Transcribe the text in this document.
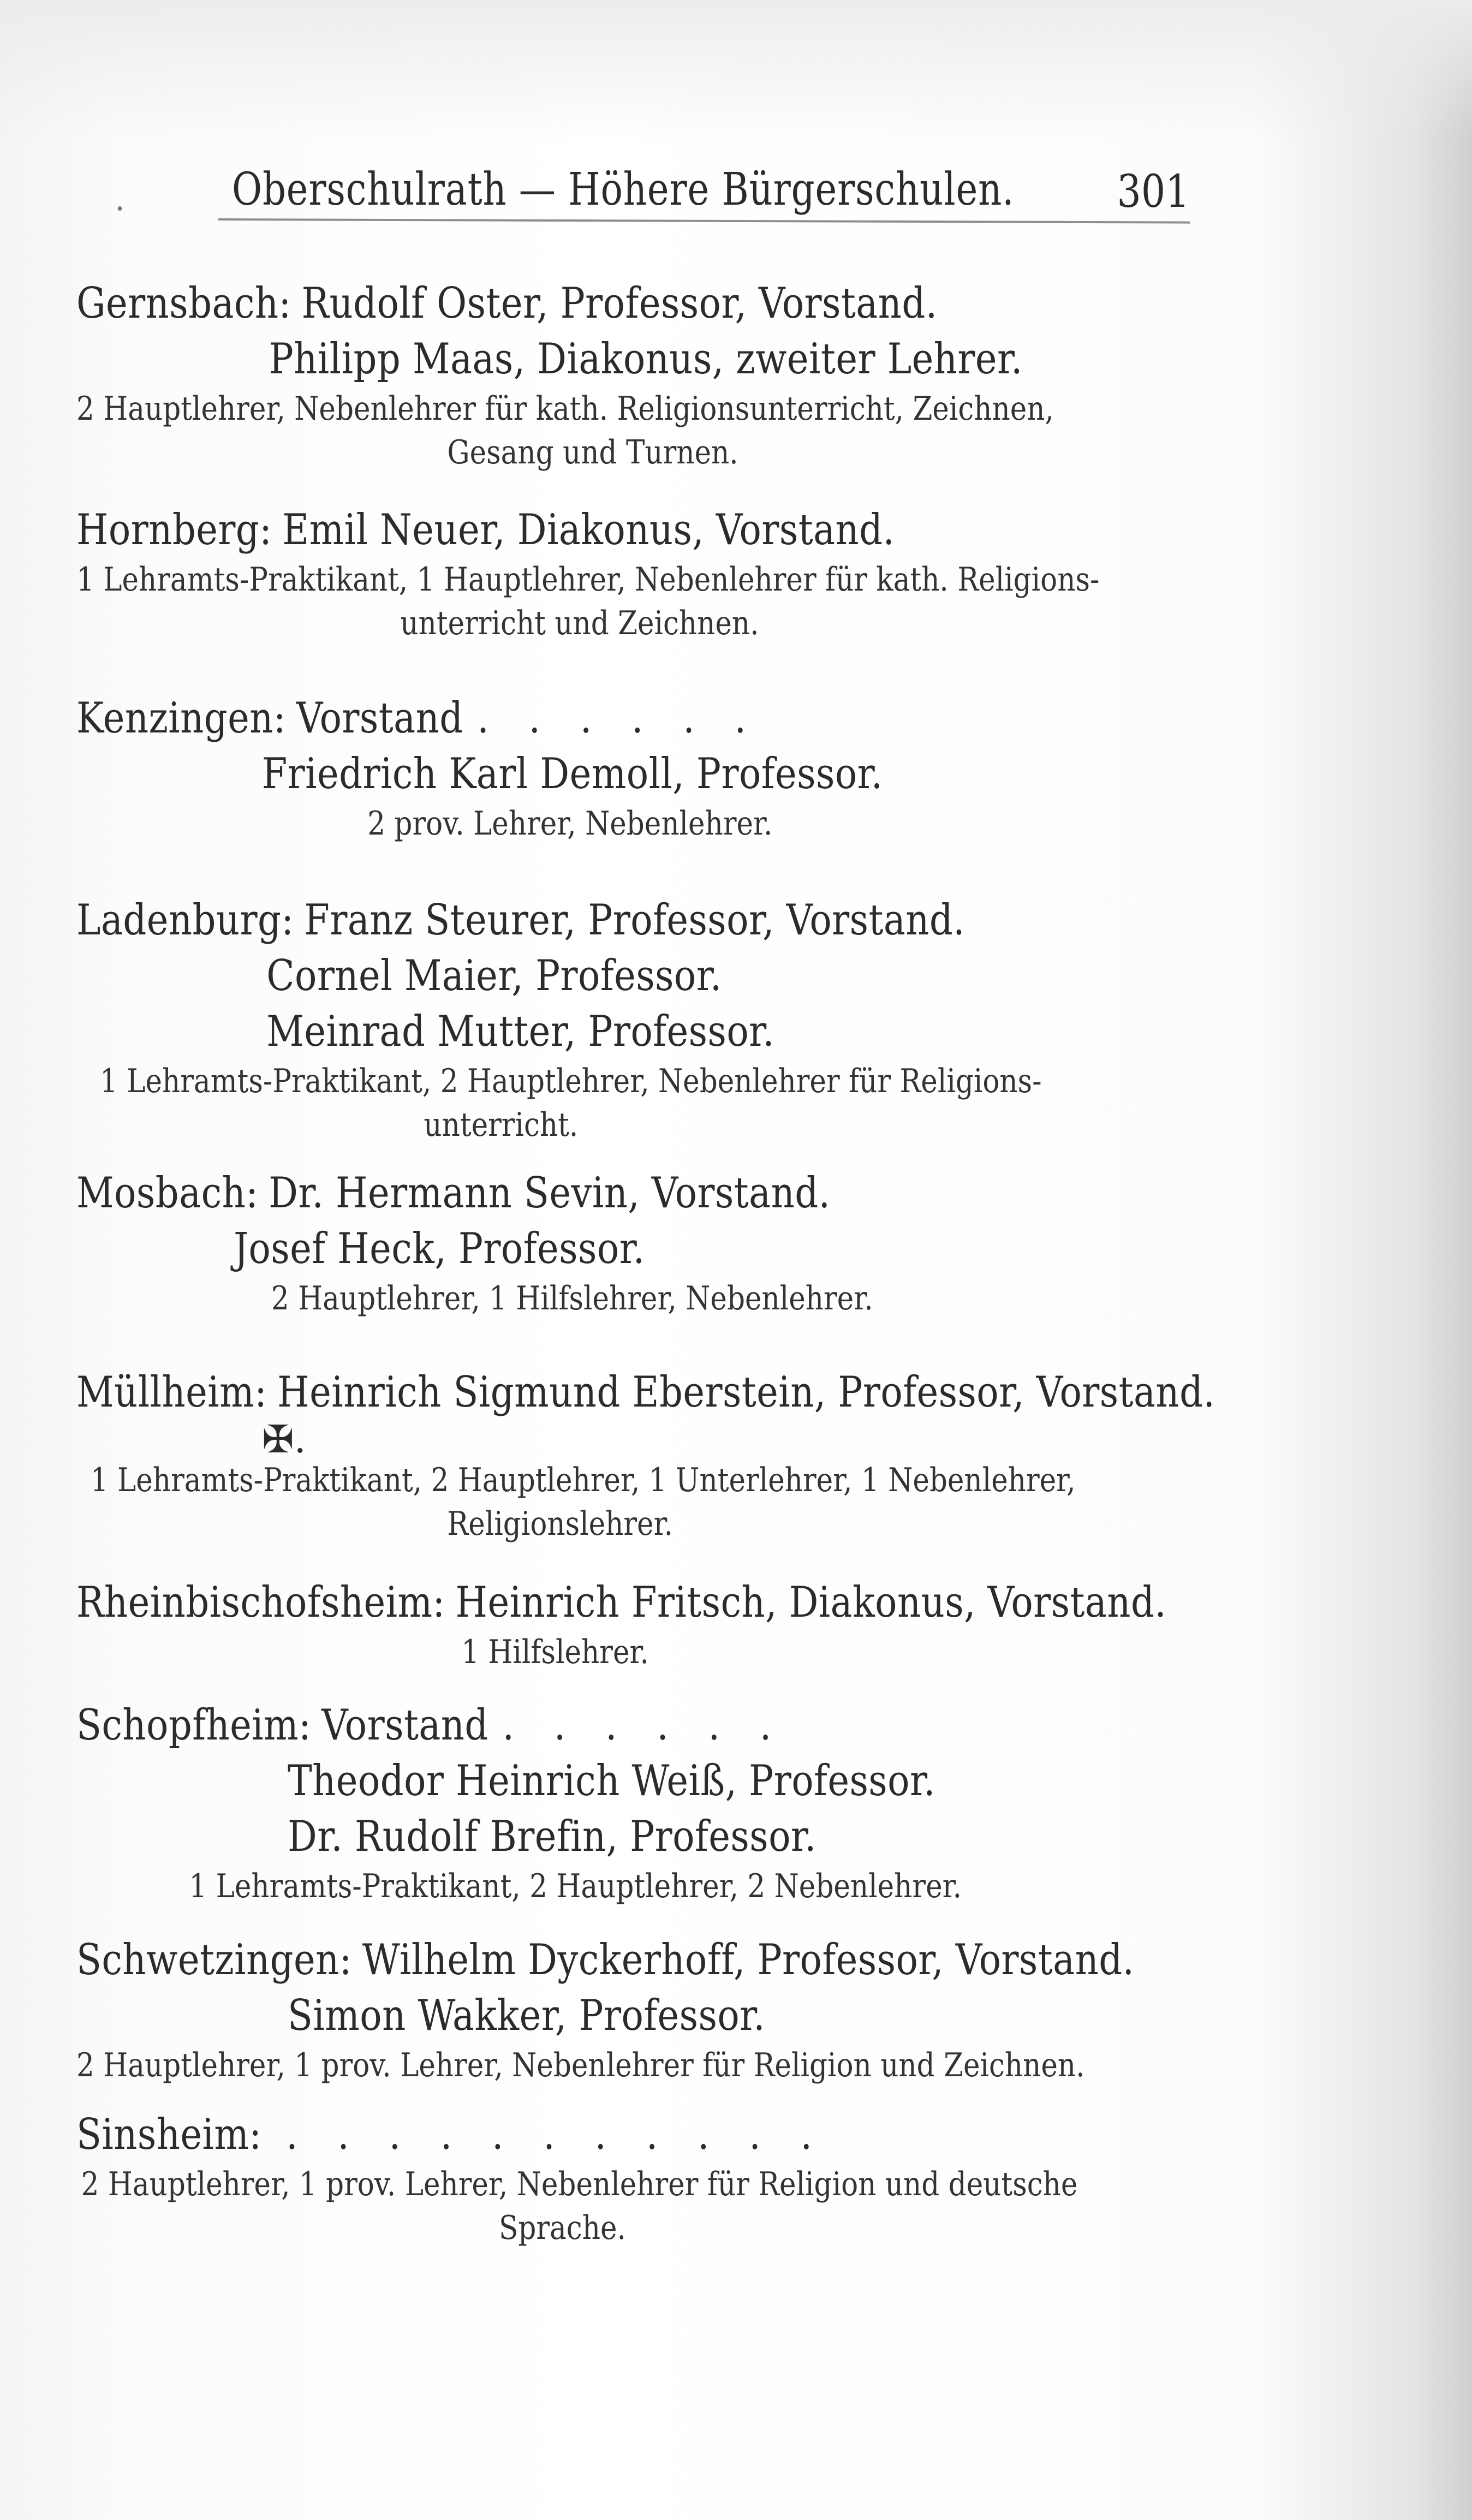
. Oberschulrath — Höhere Bürgerschulen. 301
Gernsbach: Rudolf Oster, Professor, Vorstand.
Philipp Maas, Diakonus, zweiter Lehrer.
2 Hauptlehrer, Nebenlehrer für kath. Religionsunterricht, Zeichnen,
Gesang und Turnen.
Hornberg: Emil Neuer, Diakonus, Vorstand.
1 Lehramts-Praktikant, 1 Hauptlehrer, Nebenlehrer für kath. Religions-
unterricht und Zeichnen.
Kenzingen: Vorstand . . . . . .
Friedrich Karl Demoll, Professor.
2 prov. Lehrer, Nebenlehrer.
Ladenburg: Franz Steurer, Professor, Vorstand.
Cornel Maier, Professor.
Meinrad Mutter, Professor.
1 Lehramts-Praktikant, 2 Hauptlehrer, Nebenlehrer für Religions-
unterricht.
Mosbach: Dr. Hermann Sevin, Vorstand.
Josef Heck, Professor.
2 Hauptlehrer, 1 Hilfslehrer, Nebenlehrer.
Müllheim: Heinrich Sigmund Eberstein, Professor, Vorstand.
✠.
1 Lehramts-Praktikant, 2 Hauptlehrer, 1 Unterlehrer, 1 Nebenlehrer,
Religionslehrer.
Rheinbischofsheim: Heinrich Fritsch, Diakonus, Vorstand.
1 Hilfslehrer.
Schopfheim: Vorstand . . . . . .
Theodor Heinrich Weiß, Professor.
Dr. Rudolf Brefin, Professor.
1 Lehramts-Praktikant, 2 Hauptlehrer, 2 Nebenlehrer.
Schwetzingen: Wilhelm Dyckerhoff, Professor, Vorstand.
Simon Wakker, Professor.
2 Hauptlehrer, 1 prov. Lehrer, Nebenlehrer für Religion und Zeichnen.
Sinsheim: . . . . . . . . . . .
2 Hauptlehrer, 1 prov. Lehrer, Nebenlehrer für Religion und deutsche
Sprache.
